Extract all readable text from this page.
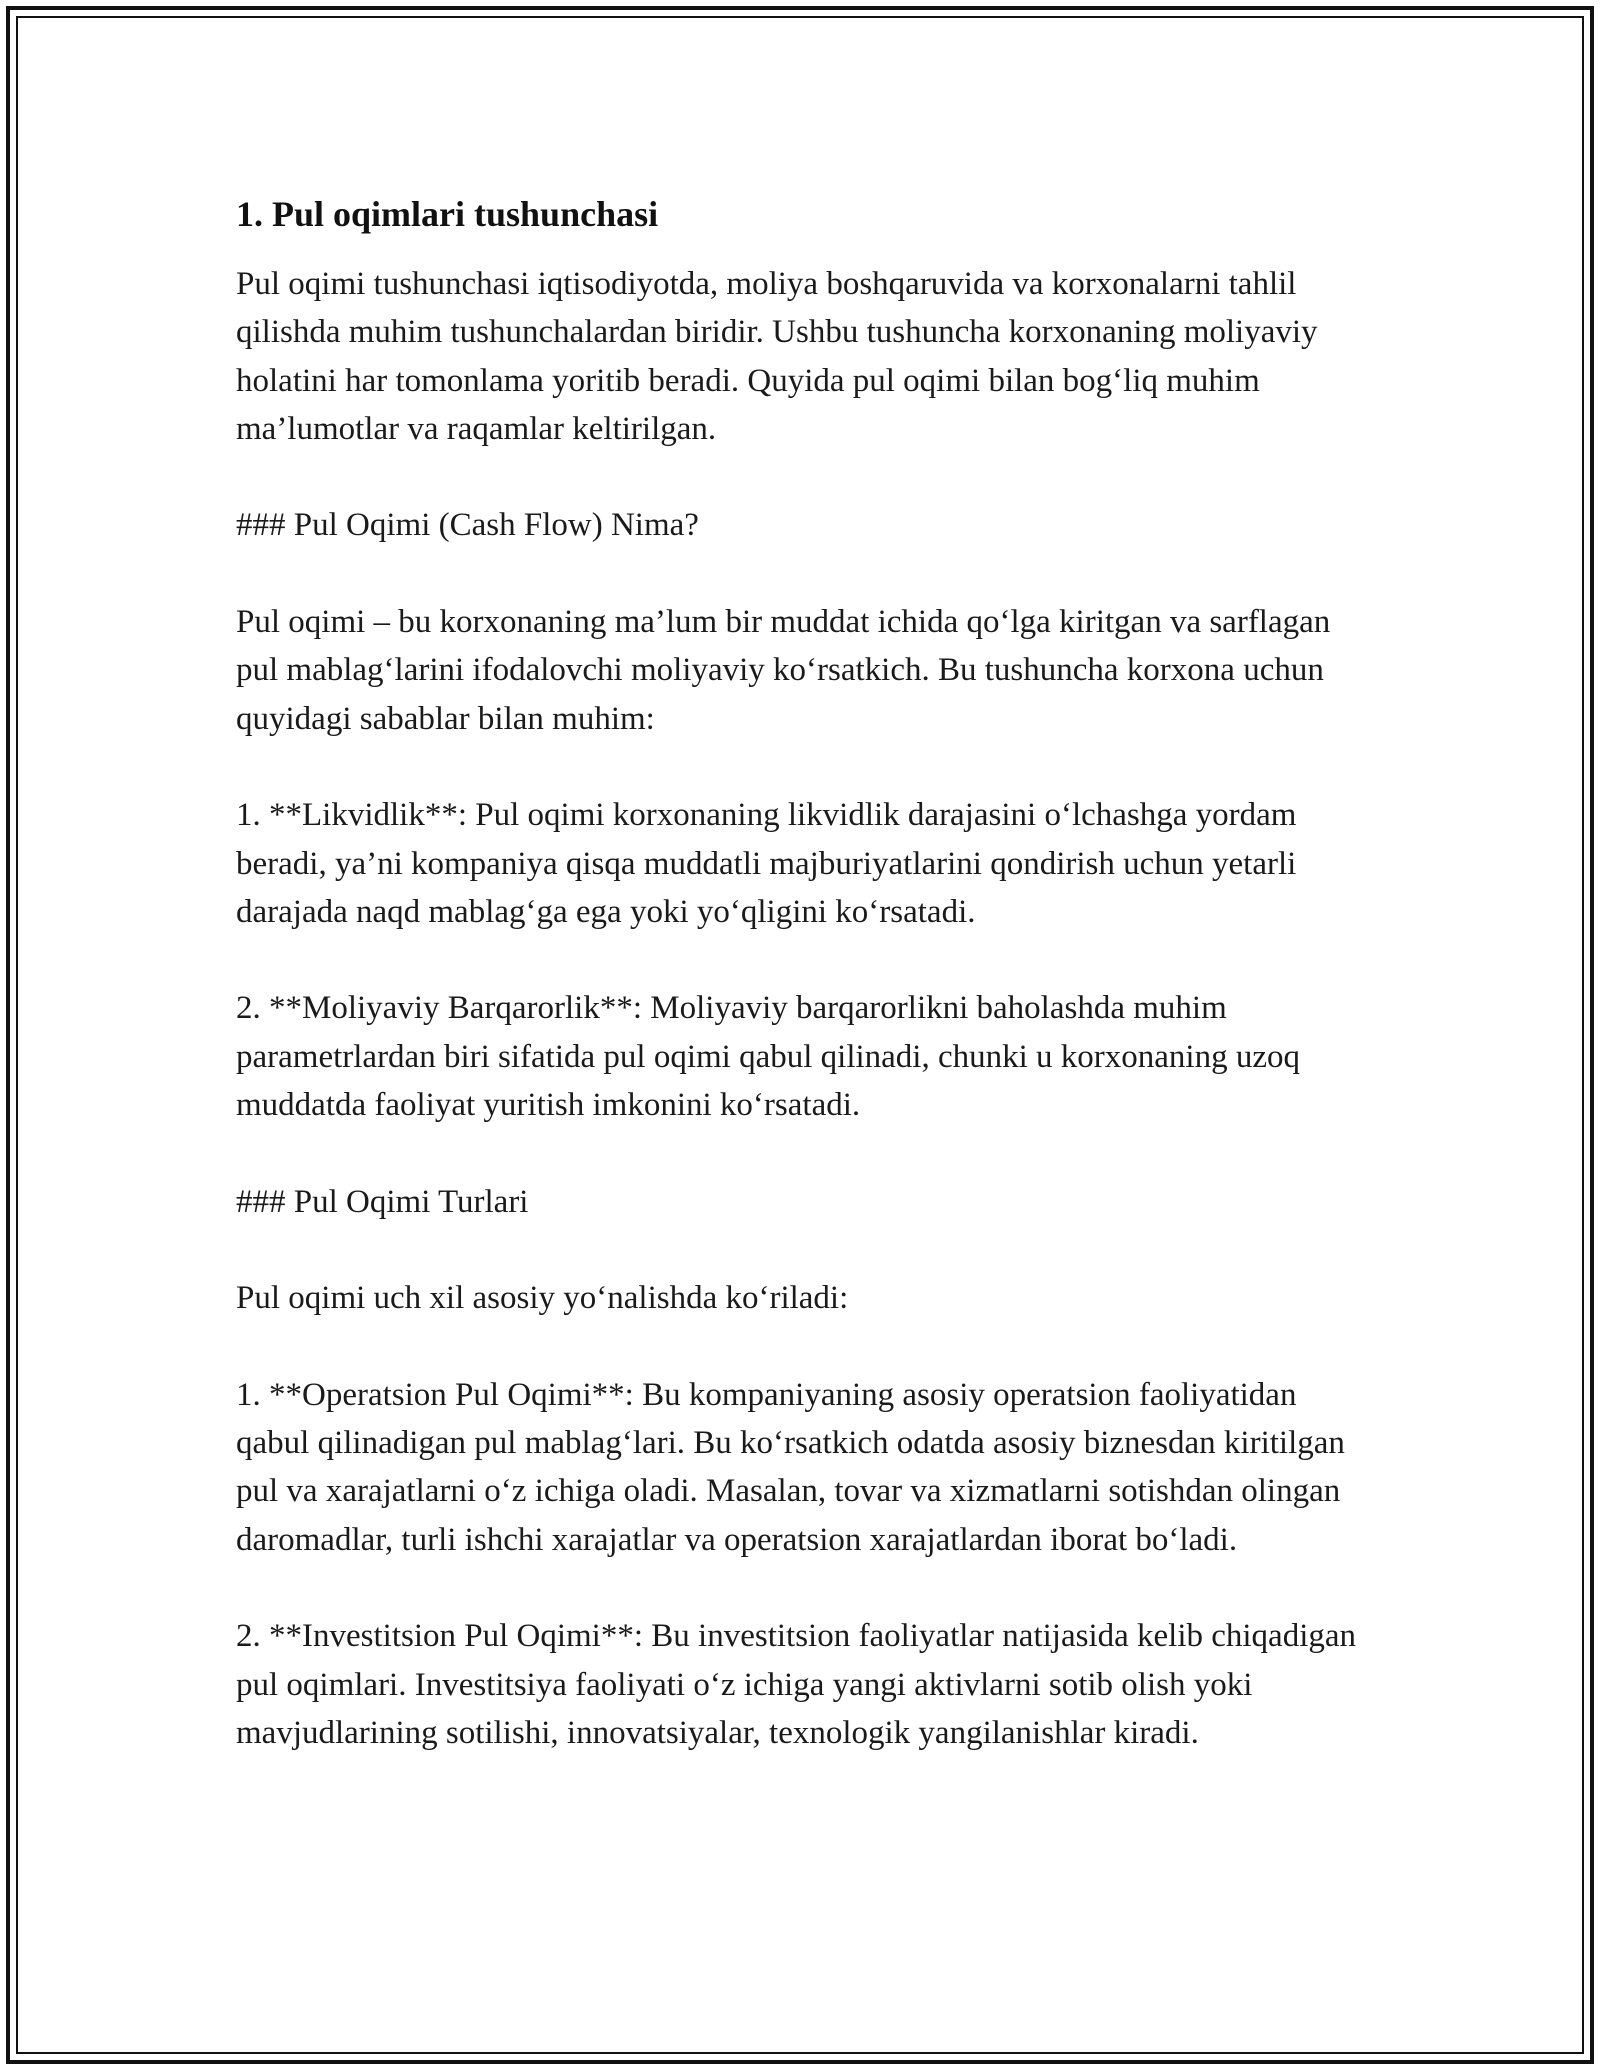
1. Pul oqimlari tushunchasi

Pul oqimi tushunchasi iqtisodiyotda, moliya boshqaruvida va korxonalarni tahlil qilishda muhim tushunchalardan biridir. Ushbu tushuncha korxonaning moliyaviy holatini har tomonlama yoritib beradi. Quyida pul oqimi bilan bog‘liq muhim ma’lumotlar va raqamlar keltirilgan.

### Pul Oqimi (Cash Flow) Nima?

Pul oqimi – bu korxonaning ma’lum bir muddat ichida qo‘lga kiritgan va sarflagan pul mablag‘larini ifodalovchi moliyaviy ko‘rsatkich. Bu tushuncha korxona uchun quyidagi sabablar bilan muhim:

1. **Likvidlik**: Pul oqimi korxonaning likvidlik darajasini o‘lchashga yordam beradi, ya’ni kompaniya qisqa muddatli majburiyatlarini qondirish uchun yetarli darajada naqd mablag‘ga ega yoki yo‘qligini ko‘rsatadi.

2. **Moliyaviy Barqarorlik**: Moliyaviy barqarorlikni baholashda muhim parametrlardan biri sifatida pul oqimi qabul qilinadi, chunki u korxonaning uzoq muddatda faoliyat yuritish imkonini ko‘rsatadi.

### Pul Oqimi Turlari

Pul oqimi uch xil asosiy yo‘nalishda ko‘riladi:

1. **Operatsion Pul Oqimi**: Bu kompaniyaning asosiy operatsion faoliyatidan qabul qilinadigan pul mablag‘lari. Bu ko‘rsatkich odatda asosiy biznesdan kiritilgan pul va xarajatlarni o‘z ichiga oladi. Masalan, tovar va xizmatlarni sotishdan olingan daromadlar, turli ishchi xarajatlar va operatsion xarajatlardan iborat bo‘ladi.

2. **Investitsion Pul Oqimi**: Bu investitsion faoliyatlar natijasida kelib chiqadigan pul oqimlari. Investitsiya faoliyati o‘z ichiga yangi aktivlarni sotib olish yoki mavjudlarining sotilishi, innovatsiyalar, texnologik yangilanishlar kiradi.
